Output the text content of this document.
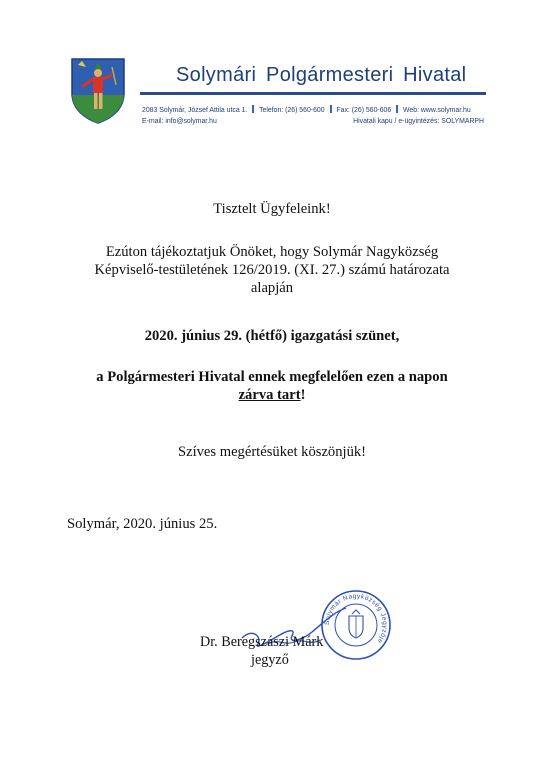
Solymári Polgármesteri Hivatal
2083 Solymár, József Attila utca 1. Telefon: (26) 560-600 Fax: (26) 560-606 Web: www.solymar.hu
E-mail: info@solymar.hu	Hivatali kapu / e-ügyintézés: SOLYMARPH
Tisztelt Ügyfeleink!
Ezúton tájékoztatjuk Önöket, hogy Solymár Nagyközség
Képviselő-testületének 126/2019. (XI. 27.) számú határozata
alapján
2020. június 29. (hétfő) igazgatási szünet,
a Polgármesteri Hivatal ennek megfelelően ezen a napon
zárva tart!
Szíves megértésüket köszönjük!
Solymár, 2020. június 25.
Dr. Beregszászi Márk
jegyző
Solymár Nagyközség Jegyzője
